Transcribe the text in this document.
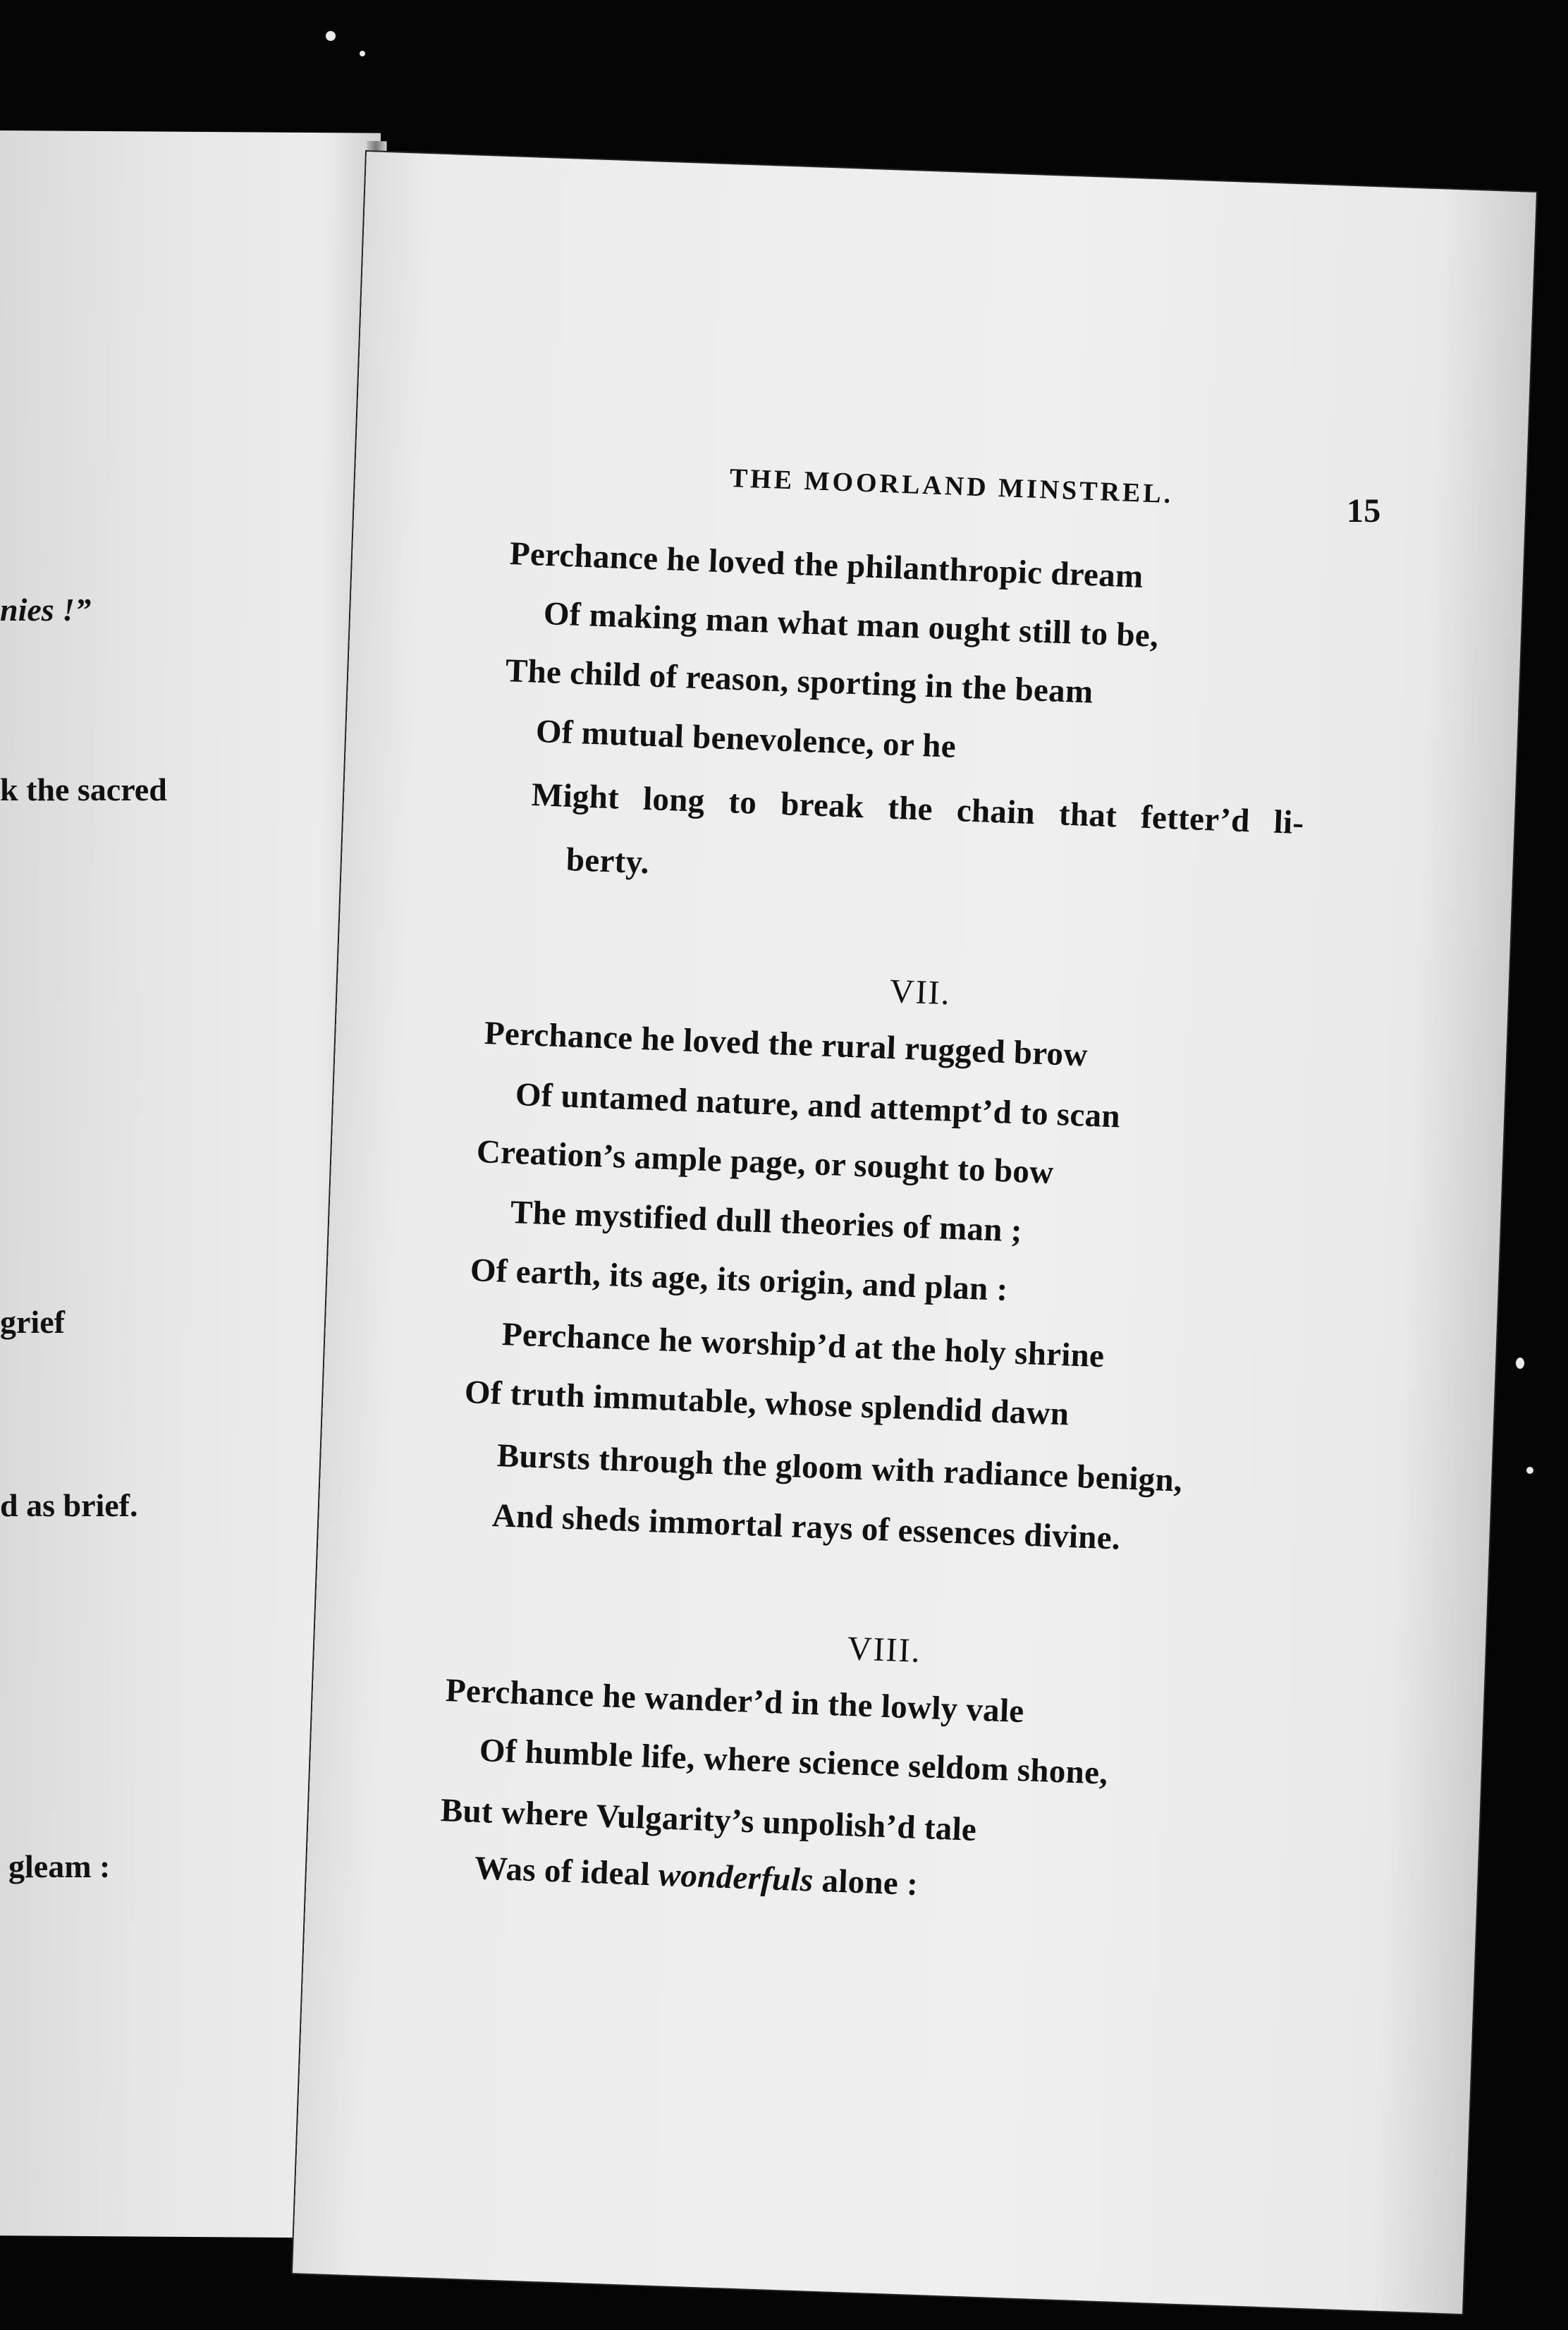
nies !”
k the sacred
grief
d as brief.
gleam :
THE MOORLAND MINSTREL.
15
Perchance he loved the philanthropic dream
Of making man what man ought still to be,
The child of reason, sporting in the beam
Of mutual benevolence, or he
Might long to break the chain that fetter’d li-
berty.
VII.
Perchance he loved the rural rugged brow
Of untamed nature, and attempt’d to scan
Creation’s ample page, or sought to bow
The mystified dull theories of man ;
Of earth, its age, its origin, and plan :
Perchance he worship’d at the holy shrine
Of truth immutable, whose splendid dawn
Bursts through the gloom with radiance benign,
And sheds immortal rays of essences divine.
VIII.
Perchance he wander’d in the lowly vale
Of humble life, where science seldom shone,
But where Vulgarity’s unpolish’d tale
Was of ideal wonderfuls alone :
